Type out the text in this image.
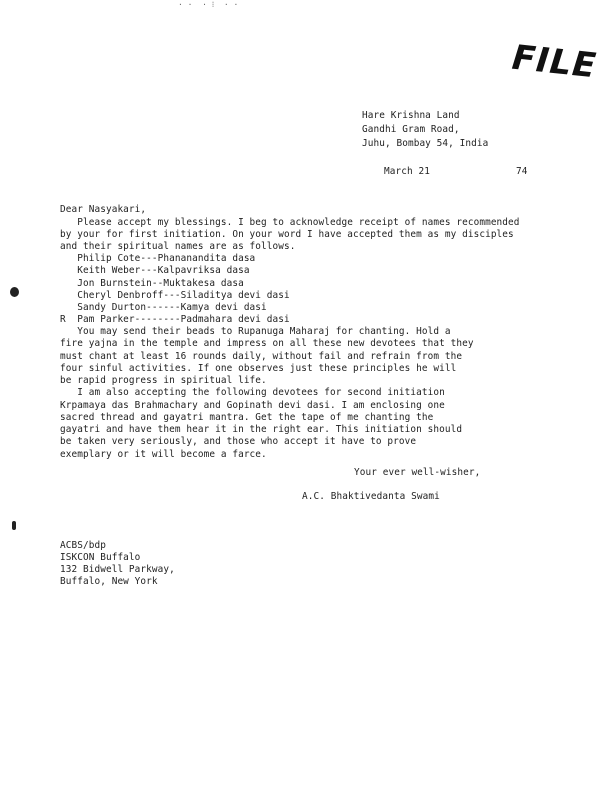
· ·  · ⁝  · ·
FILE
Hare Krishna Land
Gandhi Gram Road,
Juhu, Bombay 54, India
March 21	74
Dear Nasyakari,
Please accept my blessings. I beg to acknowledge receipt of names recommended
by your for first initiation. On your word I have accepted them as my disciples
and their spiritual names are as follows.
Philip Cote---Phananandita dasa
Keith Weber---Kalpavriksa dasa
Jon Burnstein--Muktakesa dasa
Cheryl Denbroff---Siladitya devi dasi
Sandy Durton------Kamya devi dasi
R  Pam Parker--------Padmahara devi dasi
You may send their beads to Rupanuga Maharaj for chanting. Hold a
fire yajna in the temple and impress on all these new devotees that they
must chant at least 16 rounds daily, without fail and refrain from the
four sinful activities. If one observes just these principles he will
be rapid progress in spiritual life.
I am also accepting the following devotees for second initiation
Krpamaya das Brahmachary and Gopinath devi dasi. I am enclosing one
sacred thread and gayatri mantra. Get the tape of me chanting the
gayatri and have them hear it in the right ear. This initiation should
be taken very seriously, and those who accept it have to prove
exemplary or it will become a farce.
Your ever well-wisher,
A.C. Bhaktivedanta Swami
ACBS/bdp
ISKCON Buffalo
132 Bidwell Parkway,
Buffalo, New York
